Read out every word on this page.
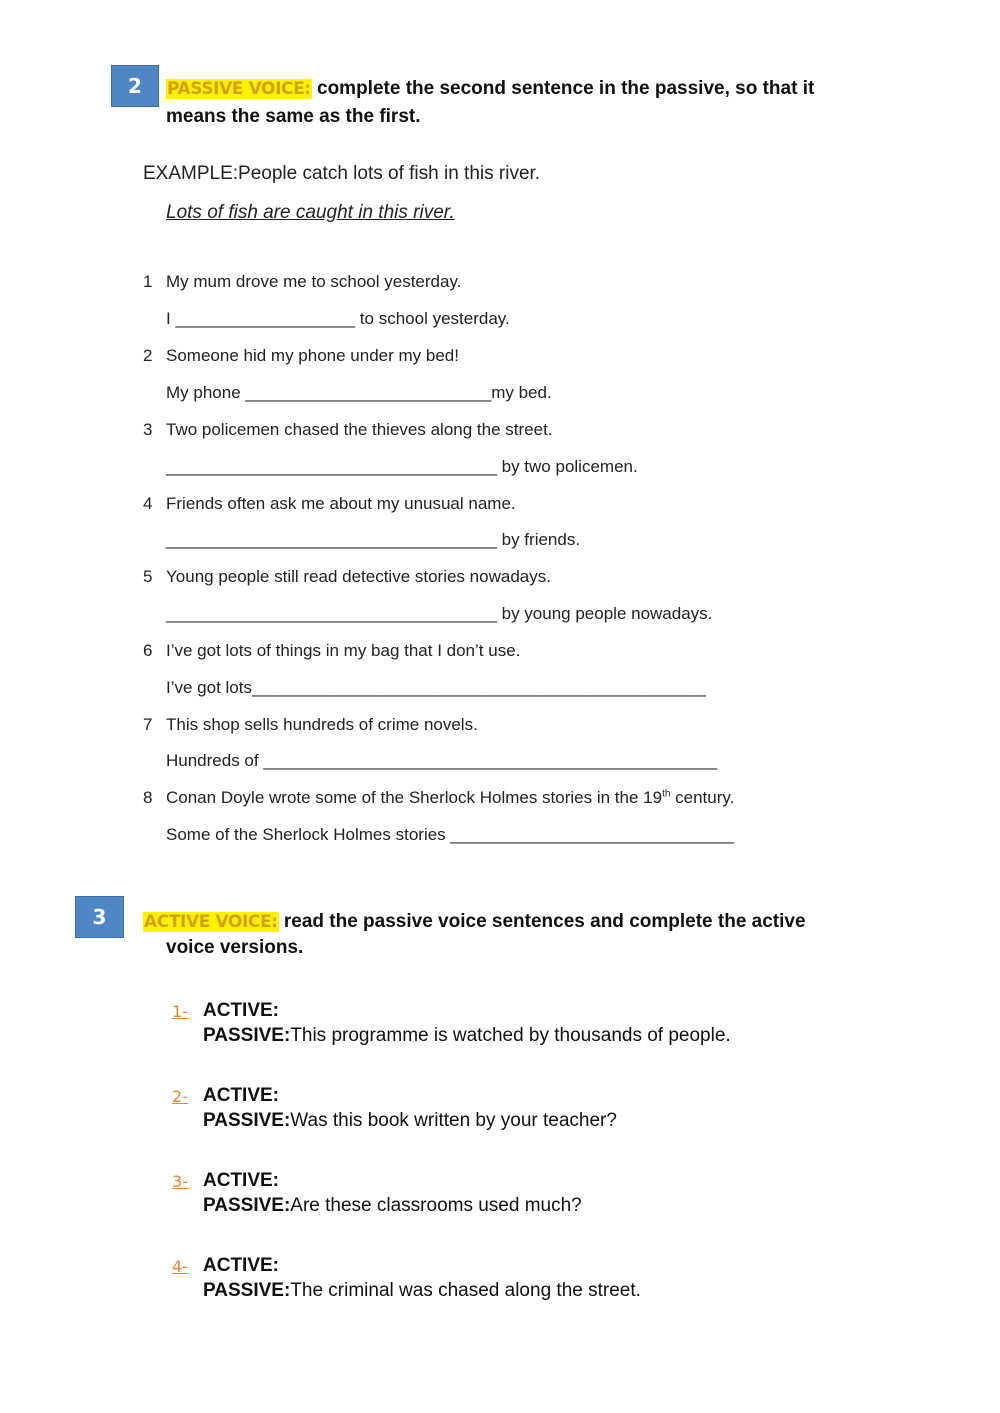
2	PASSIVE VOICE: complete the second sentence in the passive, so that it
means the same as the first.
EXAMPLE:People catch lots of fish in this river.
Lots of fish are caught in this river.
1 My mum drove me to school yesterday.
I ___________________ to school yesterday.
2 Someone hid my phone under my bed!
My phone __________________________my bed.
3 Two policemen chased the thieves along the street.
___________________________________ by two policemen.
4 Friends often ask me about my unusual name.
___________________________________ by friends.
5 Young people still read detective stories nowadays.
___________________________________ by young people nowadays.
6 I’ve got lots of things in my bag that I don’t use.
I’ve got lots________________________________________________
7 This shop sells hundreds of crime novels.
Hundreds of ________________________________________________
8 Conan Doyle wrote some of the Sherlock Holmes stories in the 19th century.
Some of the Sherlock Holmes stories ______________________________
3	ACTIVE VOICE: read the passive voice sentences and complete the active
voice versions.
1- ACTIVE:
PASSIVE:This programme is watched by thousands of people.
2- ACTIVE:
PASSIVE:Was this book written by your teacher?
3- ACTIVE:
PASSIVE:Are these classrooms used much?
4- ACTIVE:
PASSIVE:The criminal was chased along the street.
